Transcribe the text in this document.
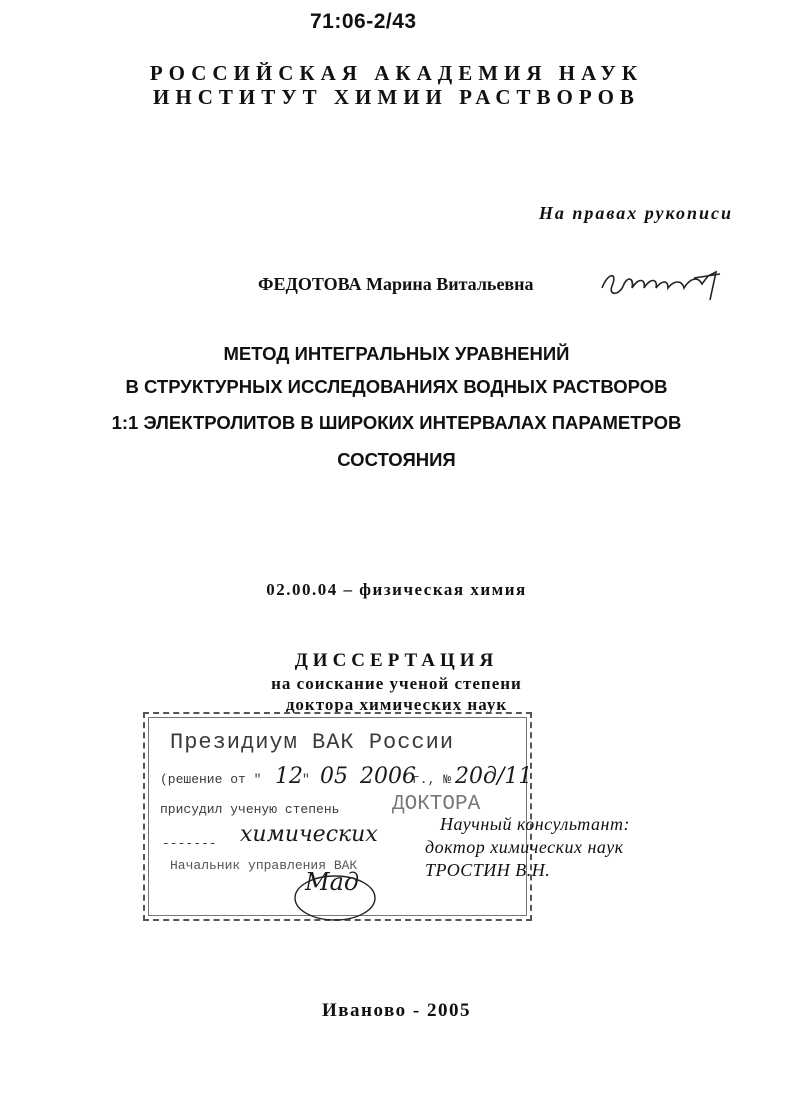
71:06-2/43
РОССИЙСКАЯ АКАДЕМИЯ НАУК
ИНСТИТУТ ХИМИИ РАСТВОРОВ
На правах рукописи
ФЕДОТОВА Марина Витальевна
МЕТОД ИНТЕГРАЛЬНЫХ УРАВНЕНИЙ
В СТРУКТУРНЫХ ИССЛЕДОВАНИЯХ ВОДНЫХ РАСТВОРОВ
1:1 ЭЛЕКТРОЛИТОВ В ШИРОКИХ ИНТЕРВАЛАХ ПАРАМЕТРОВ
СОСТОЯНИЯ
02.00.04 – физическая химия
ДИССЕРТАЦИЯ
на соискание ученой степени
доктора химических наук
Президиум ВАК России
(решение от " 12 " 05 2006
г., № 20д/11
присудил ученую степень	ДОКТОРА
------- химических
Начальник управления ВАК
Мад
Научный консультант:
доктор химических наук
ТРОСТИН В.Н.
Иваново - 2005
